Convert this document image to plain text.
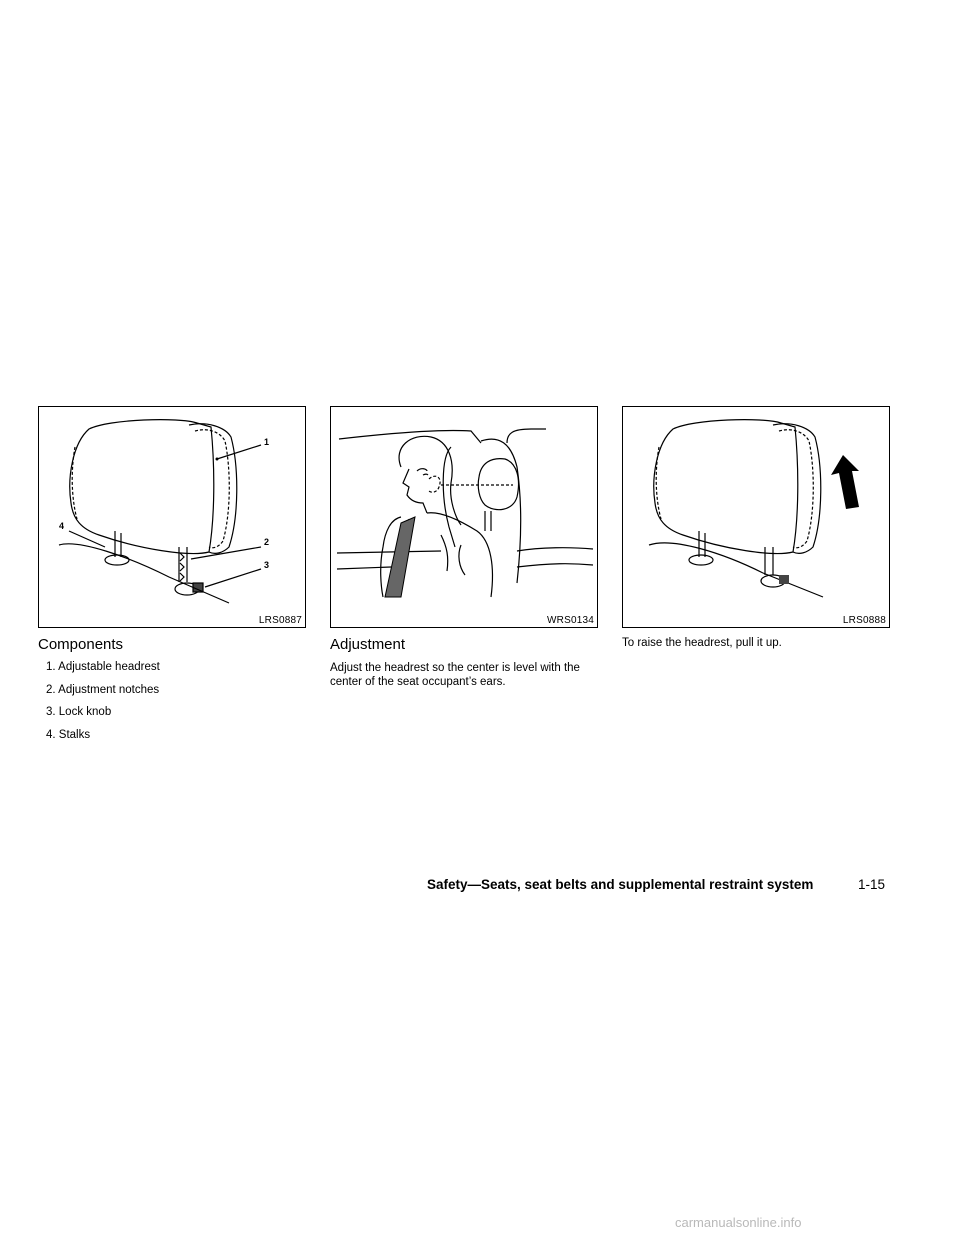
1
2
3
4
LRS0887	WRS0134	LRS0888
Components
1. Adjustable headrest
2. Adjustment notches
3. Lock knob
4. Stalks
Adjustment

Adjust the headrest so the center is level with the

center of the seat occupant’s ears.

To raise the headrest, pull it up.

Safety—Seats, seat belts and supplemental restraint system	1-15
carmanualsonline.info
